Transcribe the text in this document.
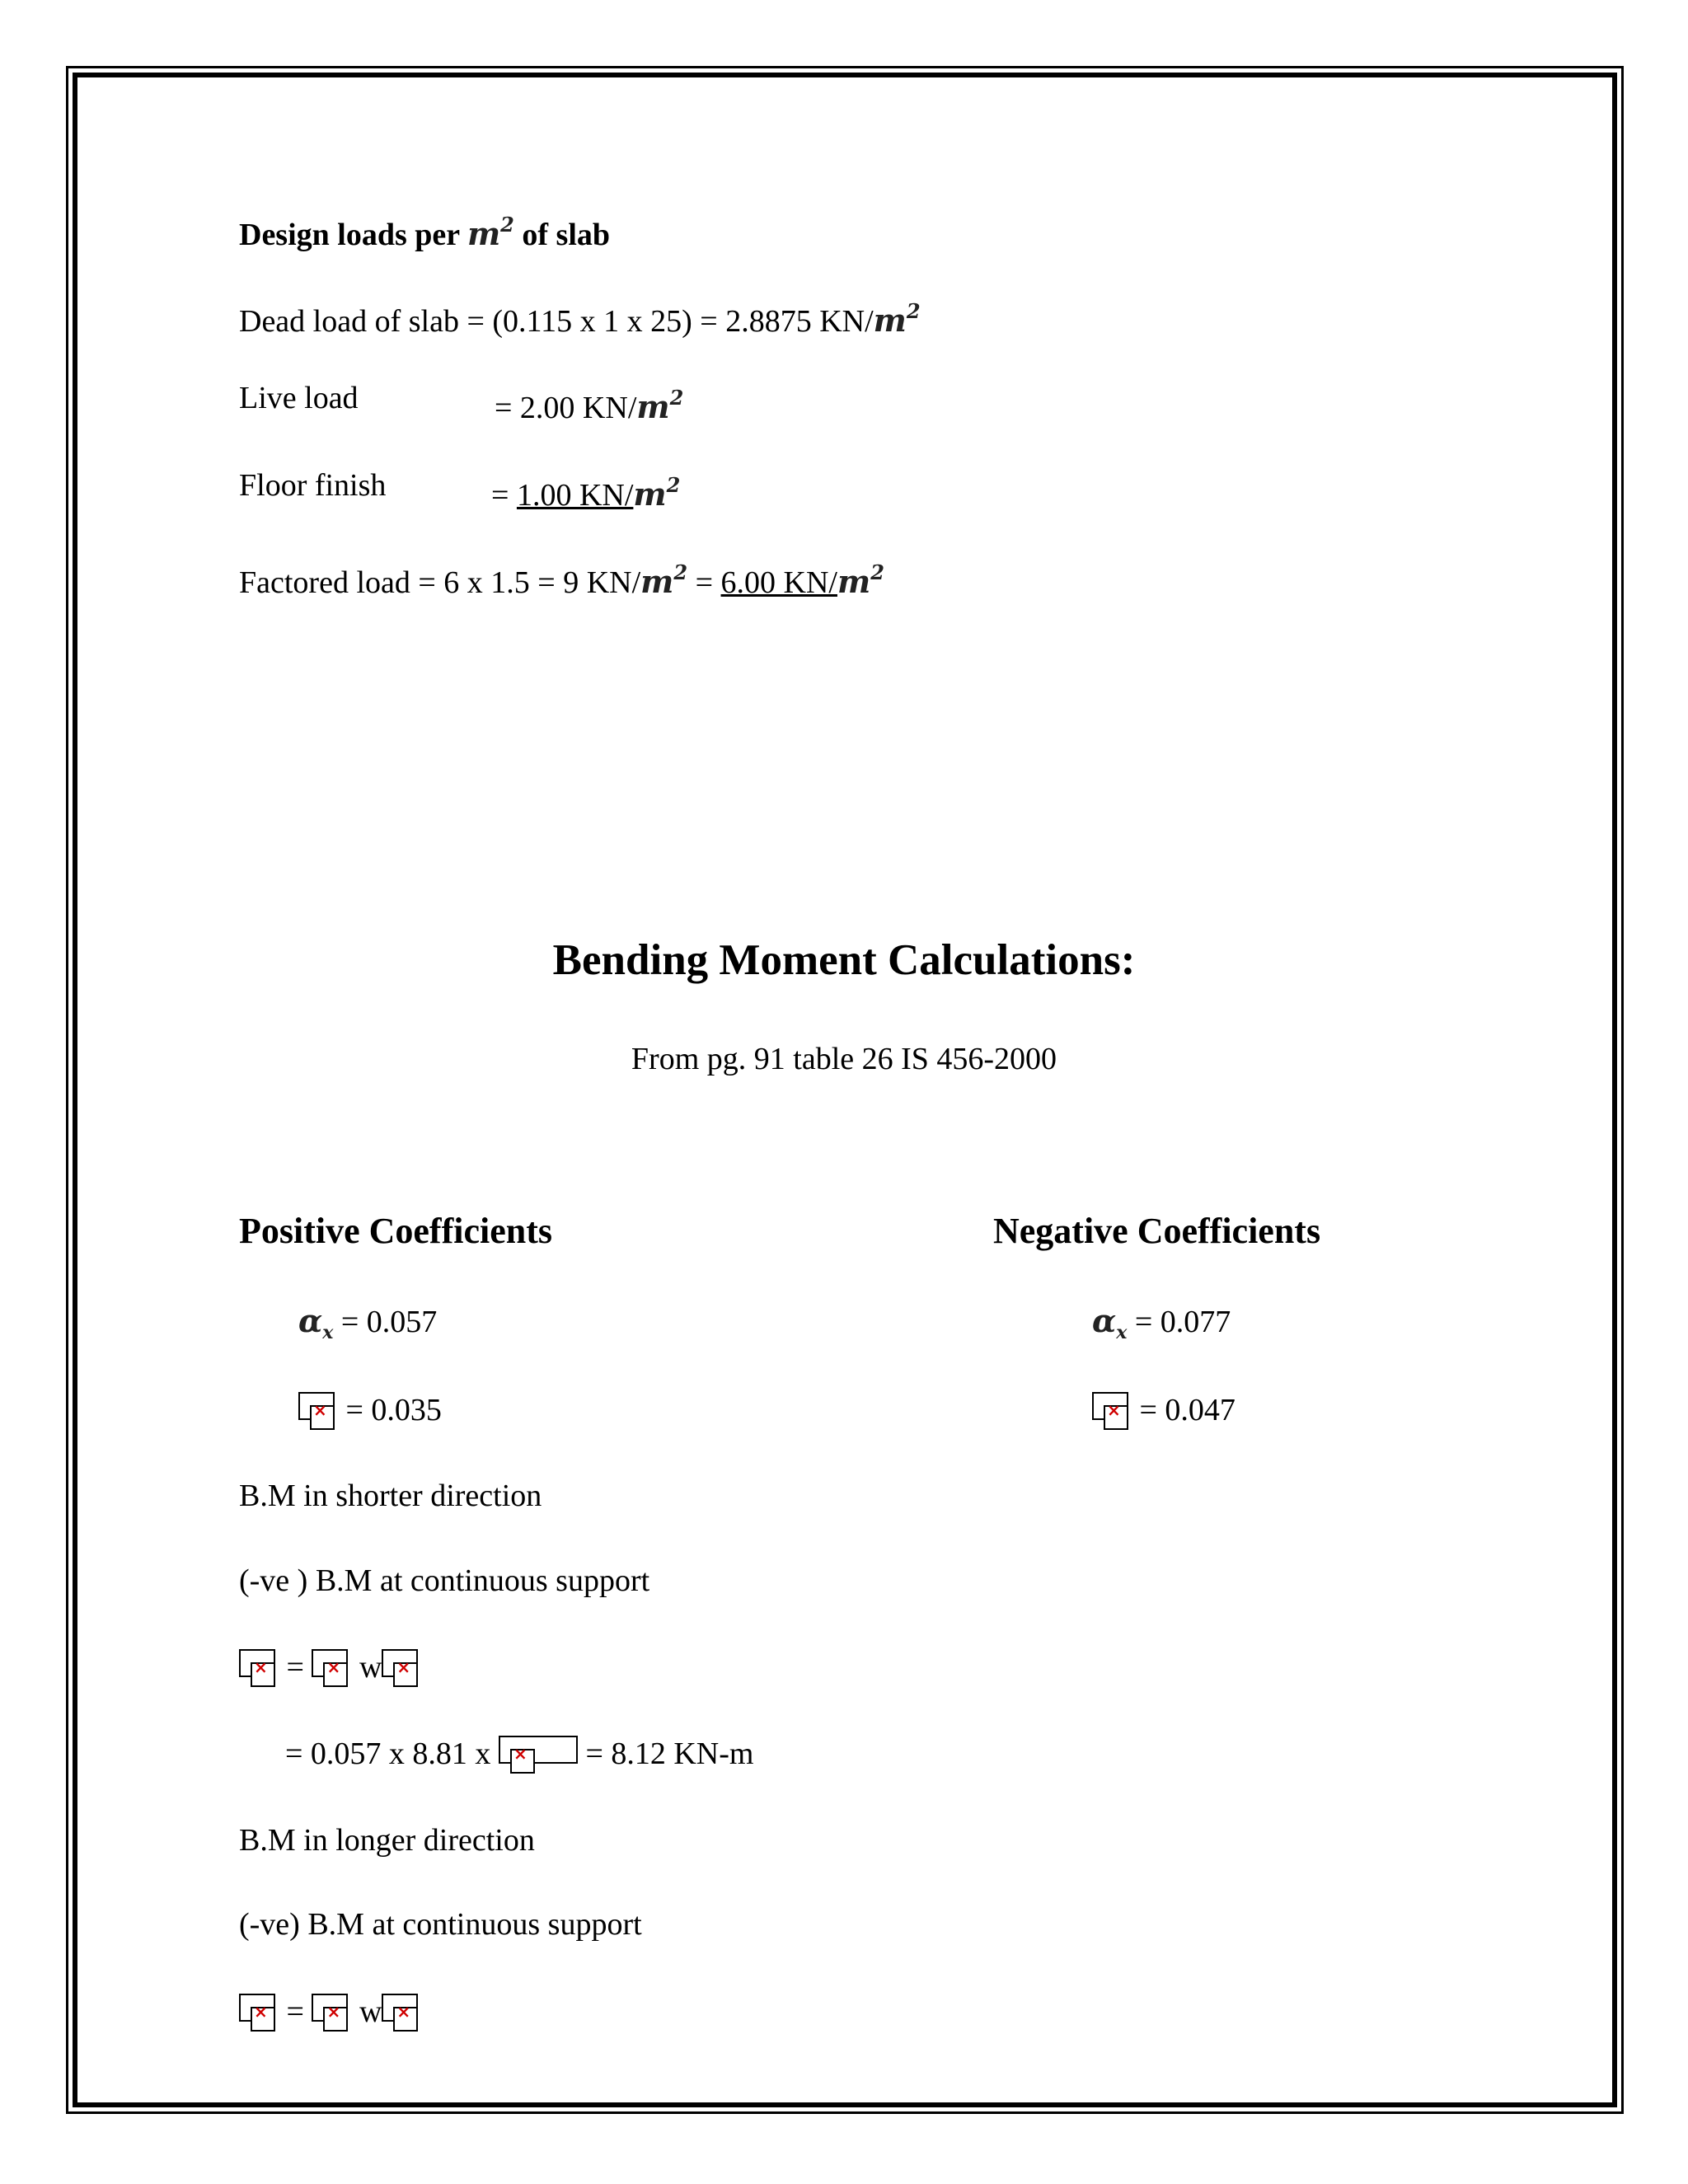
Design loads per $m^2$ of slab
Dead load of slab = (0.115 x 1 x 25) = 2.8875 $KN/m^2$
Live load	= 2.00 $KN/m^2$
Floor finish	= 1.00 $KN/m^2$
Factored load = 6 x 1.5 = 9 $KN/m^2 = 6.00$ $KN/m^2$
Bending Moment Calculations:
From pg. 91 table 26 IS 456-2000
Positive Coefficients	Negative Coefficients
$\alpha_x = 0.057$	$\alpha_x = 0.077$
× = 0.035	× = 0.047
B.M in shorter direction
(-ve ) B.M at continuous support
× = × w ×
= 0.057 x 8.81 x × = 8.12 KN-m
B.M in longer direction
(-ve) B.M at continuous support
× = × w ×
